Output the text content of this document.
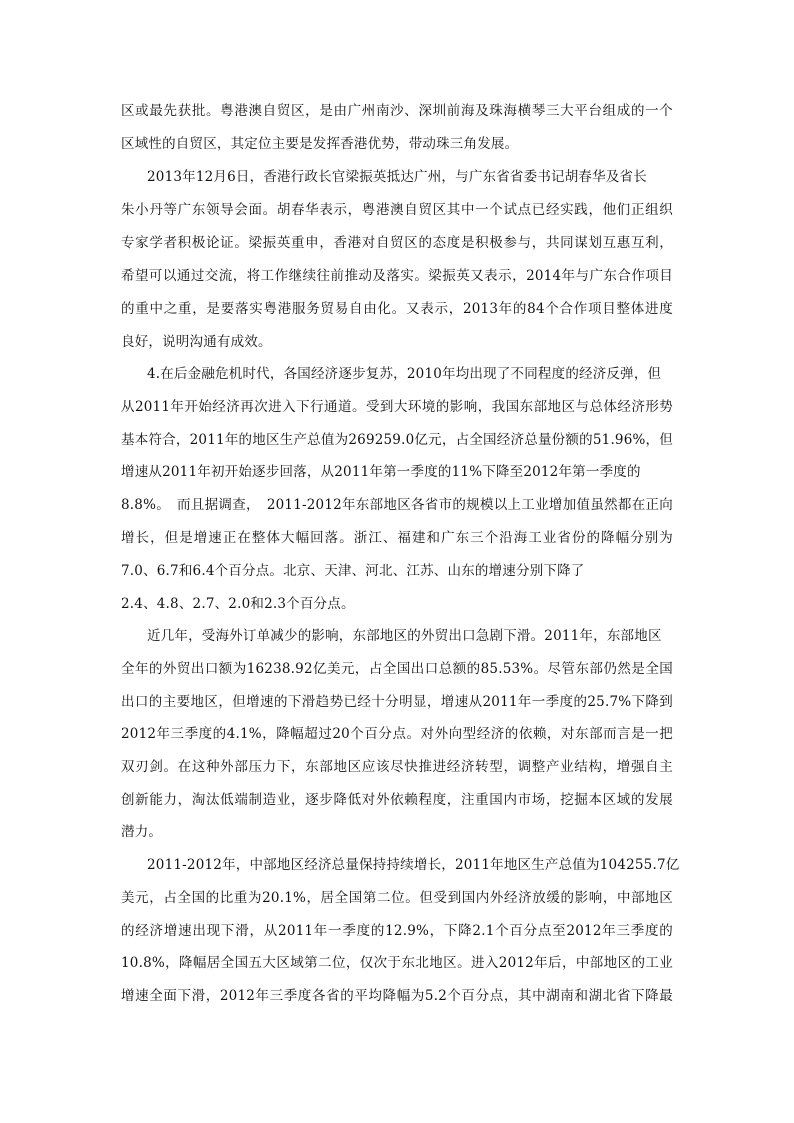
区或最先获批。粤港澳自贸区，是由广州南沙、深圳前海及珠海横琴三大平台组成的一个
区域性的自贸区，其定位主要是发挥香港优势，带动珠三角发展。
2013年12月6日，香港行政长官梁振英抵达广州，与广东省省委书记胡春华及省长
朱小丹等广东领导会面。胡春华表示，粤港澳自贸区其中一个试点已经实践，他们正组织
专家学者积极论证。梁振英重申，香港对自贸区的态度是积极参与，共同谋划互惠互利，
希望可以通过交流，将工作继续往前推动及落实。梁振英又表示，2014年与广东合作项目
的重中之重，是要落实粤港服务贸易自由化。又表示，2013年的84个合作项目整体进度
良好，说明沟通有成效。
4.在后金融危机时代，各国经济逐步复苏，2010年均出现了不同程度的经济反弹，但
从2011年开始经济再次进入下行通道。受到大环境的影响，我国东部地区与总体经济形势
基本符合，2011年的地区生产总值为269259.0亿元，占全国经济总量份额的51.96%，但
增速从2011年初开始逐步回落，从2011年第一季度的11%下降至2012年第一季度的
8.8%。　而且据调查，　2011-2012年东部地区各省市的规模以上工业增加值虽然都在正向
增长，但是增速正在整体大幅回落。浙江、福建和广东三个沿海工业省份的降幅分别为
7.0、6.7和6.4个百分点。北京、天津、河北、江苏、山东的增速分别下降了
2.4、4.8、2.7、2.0和2.3个百分点。
近几年，受海外订单减少的影响，东部地区的外贸出口急剧下滑。2011年，东部地区
全年的外贸出口额为16238.92亿美元，占全国出口总额的85.53%。尽管东部仍然是全国
出口的主要地区，但增速的下滑趋势已经十分明显，增速从2011年一季度的25.7%下降到
2012年三季度的4.1%，降幅超过20个百分点。对外向型经济的依赖，对东部而言是一把
双刃剑。在这种外部压力下，东部地区应该尽快推进经济转型，调整产业结构，增强自主
创新能力，淘汰低端制造业，逐步降低对外依赖程度，注重国内市场，挖掘本区域的发展
潜力。
2011-2012年，中部地区经济总量保持持续增长，2011年地区生产总值为104255.7亿
美元，占全国的比重为20.1%，居全国第二位。但受到国内外经济放缓的影响，中部地区
的经济增速出现下滑，从2011年一季度的12.9%，下降2.1个百分点至2012年三季度的
10.8%，降幅居全国五大区域第二位，仅次于东北地区。进入2012年后，中部地区的工业
增速全面下滑，2012年三季度各省的平均降幅为5.2个百分点，其中湖南和湖北省下降最
